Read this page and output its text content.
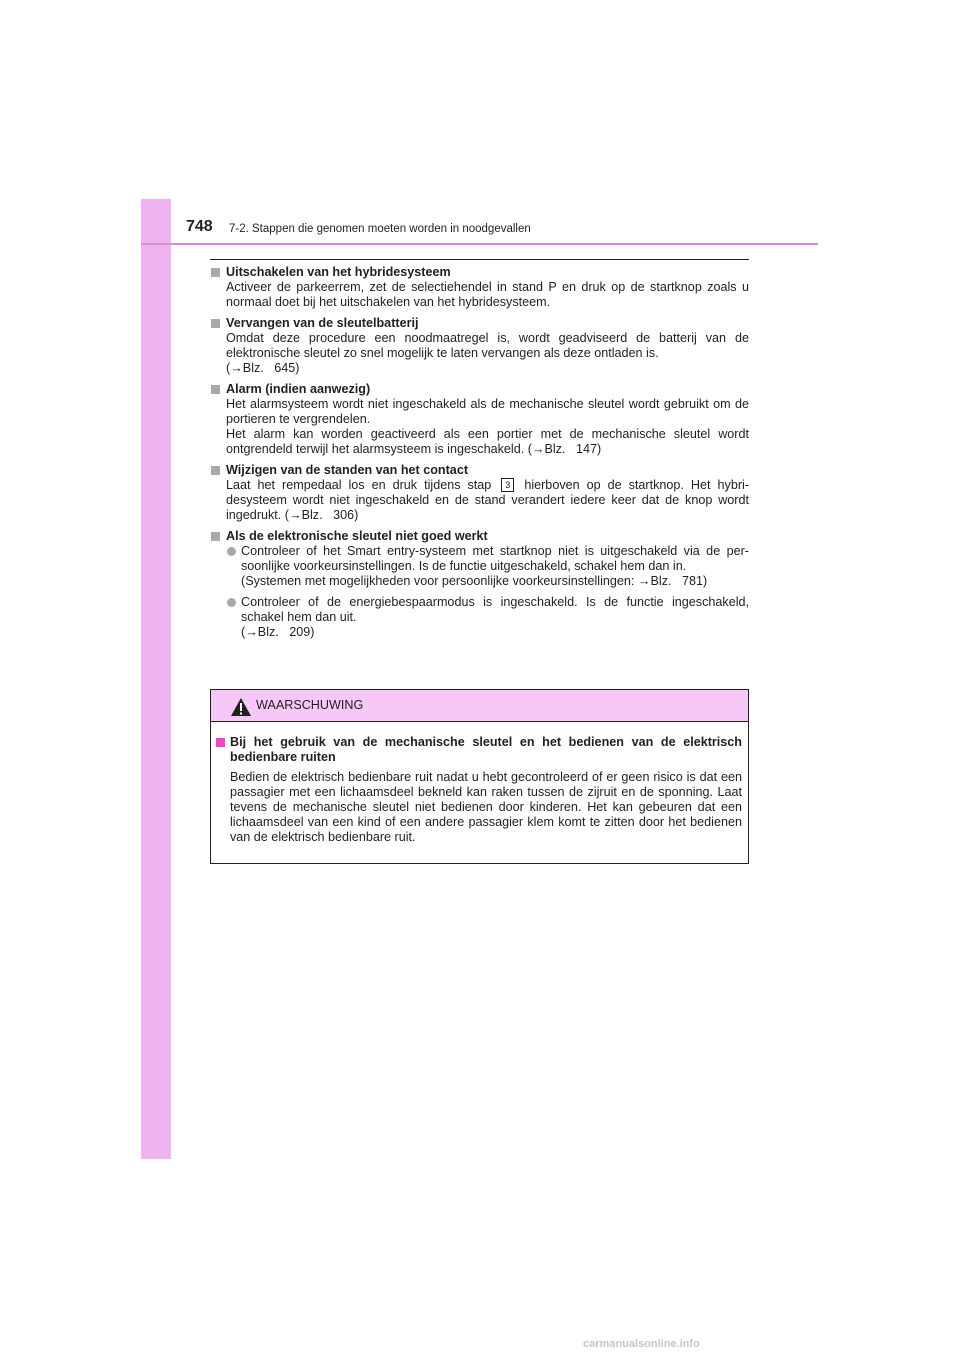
748 7-2. Stappen die genomen moeten worden in noodgevallen
Uitschakelen van het hybridesysteem

Activeer de parkeerrem, zet de selectiehendel in stand P en druk op de startknop zoals u normaal doet bij het uitschakelen van het hybridesysteem.

Vervangen van de sleutelbatterij

Omdat deze procedure een noodmaatregel is, wordt geadviseerd de batterij van de elektronische sleutel zo snel mogelijk te laten vervangen als deze ontladen is.

(→Blz.   645)

Alarm (indien aanwezig)

Het alarmsysteem wordt niet ingeschakeld als de mechanische sleutel wordt gebruikt om de portieren te vergrendelen.

Het alarm kan worden geactiveerd als een portier met de mechanische sleutel wordt ontgrendeld terwijl het alarmsysteem is ingeschakeld. (→Blz.   147)

Wijzigen van de standen van het contact

Laat het rempedaal los en druk tijdens stap 3 hierboven op de startknop. Het hybri-desysteem wordt niet ingeschakeld en de stand verandert iedere keer dat de knop wordt ingedrukt. (→Blz.   306)

Als de elektronische sleutel niet goed werkt
Controleer of het Smart entry-systeem met startknop niet is uitgeschakeld via de per-soonlijke voorkeursinstellingen. Is de functie uitgeschakeld, schakel hem dan in.
(Systemen met mogelijkheden voor persoonlijke voorkeursinstellingen: →Blz.   781)
Controleer of de energiebespaarmodus is ingeschakeld. Is de functie ingeschakeld, schakel hem dan uit.
(→Blz.   209)
WAARSCHUWING
Bij het gebruik van de mechanische sleutel en het bedienen van de elektrisch bedienbare ruiten
Bedien de elektrisch bedienbare ruit nadat u hebt gecontroleerd of er geen risico is dat een passagier met een lichaamsdeel bekneld kan raken tussen de zijruit en de sponning. Laat tevens de mechanische sleutel niet bedienen door kinderen. Het kan gebeuren dat een lichaamsdeel van een kind of een andere passagier klem komt te zitten door het bedienen van de elektrisch bedienbare ruit.
carmanualsonline.info
